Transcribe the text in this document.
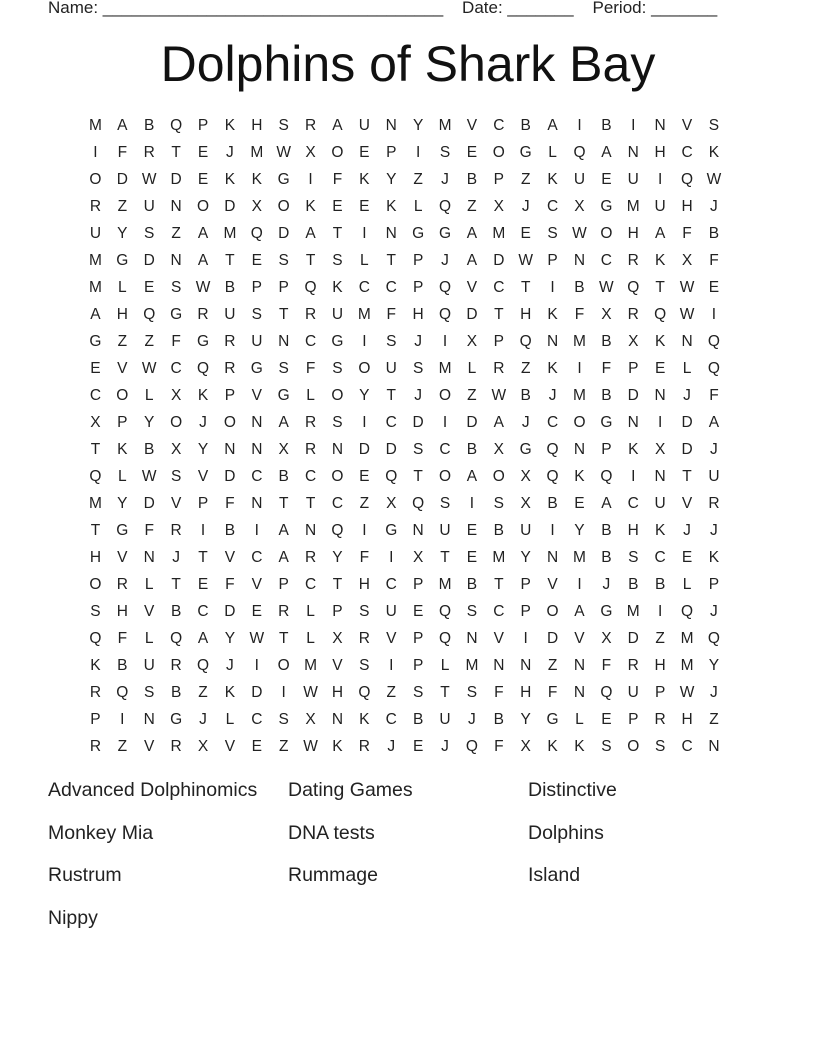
Name: ____________________________________    Date: _______    Period: _______
Dolphins of Shark Bay
M	A	B	Q	P	K	H	S	R	A	U	N	Y	M	V	C	B	A	I	B	I	N	V	S
I	F	R	T	E	J	M	W	X	O	E	P	I	S	E	O	G	L	Q	A	N	H	C	K
O	D	W	D	E	K	K	G	I	F	K	Y	Z	J	B	P	Z	K	U	E	U	I	Q	W
R	Z	U	N	O	D	X	O	K	E	E	K	L	Q	Z	X	J	C	X	G	M	U	H	J
U	Y	S	Z	A	M	Q	D	A	T	I	N	G	G	A	M	E	S	W	O	H	A	F	B
M	G	D	N	A	T	E	S	T	S	L	T	P	J	A	D	W	P	N	C	R	K	X	F
M	L	E	S	W	B	P	P	Q	K	C	C	P	Q	V	C	T	I	B	W	Q	T	W	E
A	H	Q	G	R	U	S	T	R	U	M	F	H	Q	D	T	H	K	F	X	R	Q	W	I
G	Z	Z	F	G	R	U	N	C	G	I	S	J	I	X	P	Q	N	M	B	X	K	N	Q
E	V	W	C	Q	R	G	S	F	S	O	U	S	M	L	R	Z	K	I	F	P	E	L	Q
C	O	L	X	K	P	V	G	L	O	Y	T	J	O	Z	W	B	J	M	B	D	N	J	F
X	P	Y	O	J	O	N	A	R	S	I	C	D	I	D	A	J	C	O	G	N	I	D	A
T	K	B	X	Y	N	N	X	R	N	D	D	S	C	B	X	G	Q	N	P	K	X	D	J
Q	L	W	S	V	D	C	B	C	O	E	Q	T	O	A	O	X	Q	K	Q	I	N	T	U
M	Y	D	V	P	F	N	T	T	C	Z	X	Q	S	I	S	X	B	E	A	C	U	V	R
T	G	F	R	I	B	I	A	N	Q	I	G	N	U	E	B	U	I	Y	B	H	K	J	J
H	V	N	J	T	V	C	A	R	Y	F	I	X	T	E	M	Y	N	M	B	S	C	E	K
O	R	L	T	E	F	V	P	C	T	H	C	P	M	B	T	P	V	I	J	B	B	L	P
S	H	V	B	C	D	E	R	L	P	S	U	E	Q	S	C	P	O	A	G	M	I	Q	J
Q	F	L	Q	A	Y	W	T	L	X	R	V	P	Q	N	V	I	D	V	X	D	Z	M	Q
K	B	U	R	Q	J	I	O	M	V	S	I	P	L	M	N	N	Z	N	F	R	H	M	Y
R	Q	S	B	Z	K	D	I	W	H	Q	Z	S	T	S	F	H	F	N	Q	U	P	W	J
P	I	N	G	J	L	C	S	X	N	K	C	B	U	J	B	Y	G	L	E	P	R	H	Z
R	Z	V	R	X	V	E	Z	W	K	R	J	E	J	Q	F	X	K	K	S	O	S	C	N
Advanced Dolphinomics	Dating Games	Distinctive
Monkey Mia	DNA tests	Dolphins
Rustrum	Rummage	Island
Nippy
